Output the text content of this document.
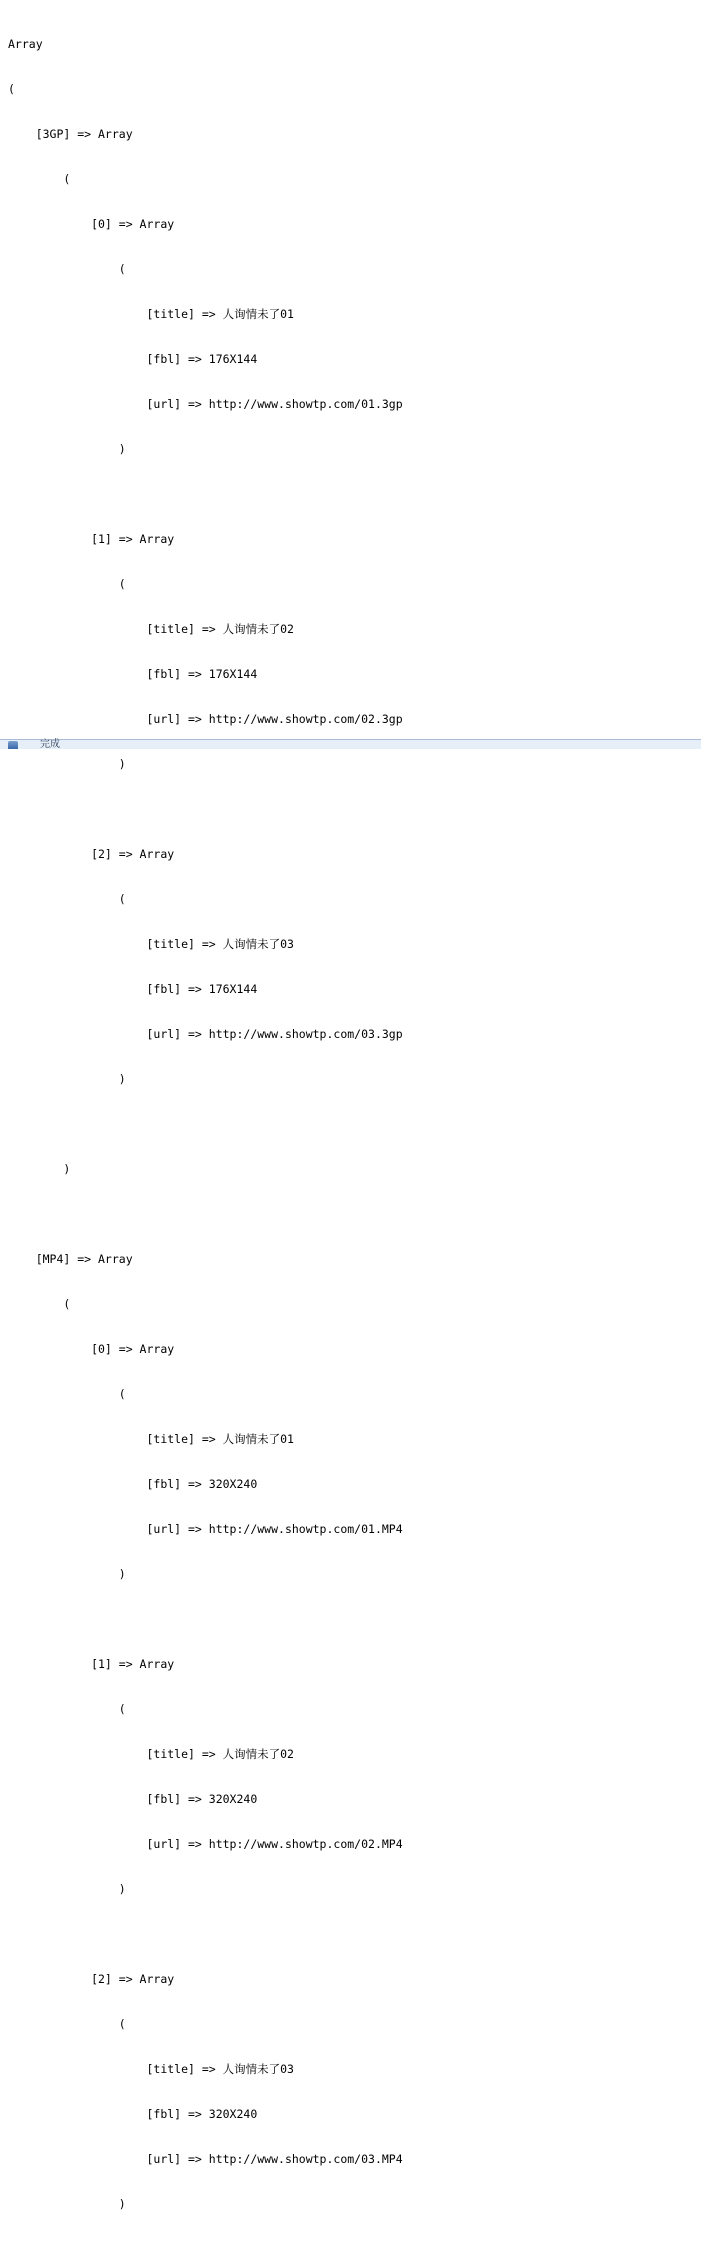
Array

(

[3GP] => Array

(

[0] => Array

(

[title] => 人询情未了01

[fbl] => 176X144

[url] => http://www.showtp.com/01.3gp

)

[1] => Array

(

[title] => 人询情未了02

[fbl] => 176X144

[url] => http://www.showtp.com/02.3gp

)

[2] => Array

(

[title] => 人询情未了03

[fbl] => 176X144

[url] => http://www.showtp.com/03.3gp

)

)

[MP4] => Array

(

[0] => Array

(

[title] => 人询情未了01

[fbl] => 320X240

[url] => http://www.showtp.com/01.MP4

)

[1] => Array

(

[title] => 人询情未了02

[fbl] => 320X240

[url] => http://www.showtp.com/02.MP4

)

[2] => Array

(

[title] => 人询情未了03

[fbl] => 320X240

[url] => http://www.showtp.com/03.MP4

)

完成
